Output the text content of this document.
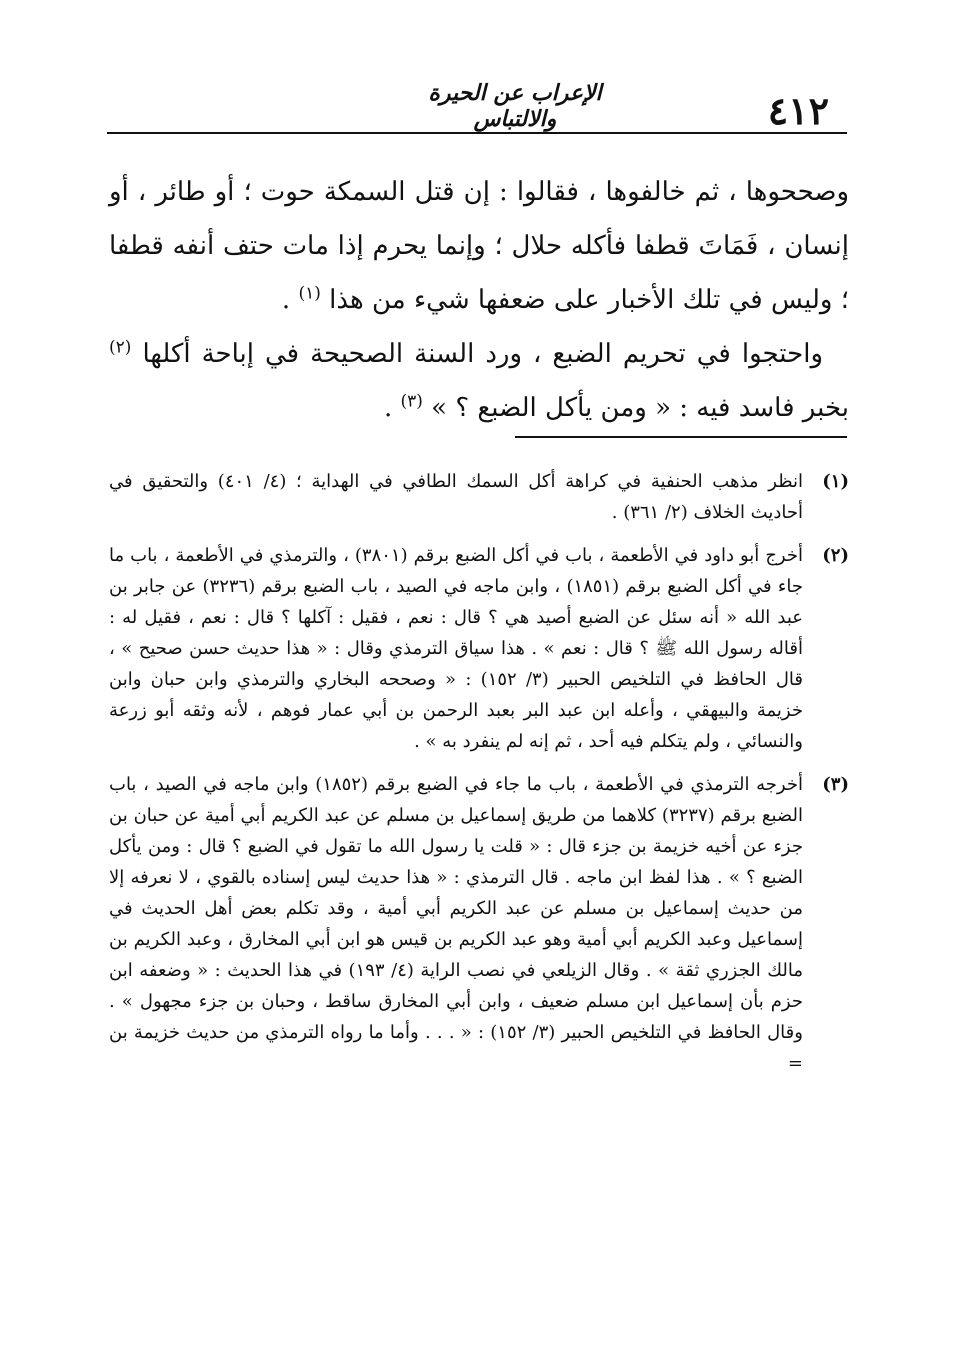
٤١٢
الإعراب عن الحيرة والالتباس

وصححوها ، ثم خالفوها ، فقالوا : إن قتل السمكة حوت ؛ أو طائر ، أو إنسان ، فَمَاتَ قطفا فأكله حلال ؛ وإنما يحرم إذا مات حتف أنفه قطفا ؛ وليس في تلك الأخبار على ضعفها شيء من هذا $^{(١)}$ .

واحتجوا في تحريم الضبع ، ورد السنة الصحيحة في إباحة أكلها $^{(٢)}$ بخبر فاسد فيه : « ومن يأكل الضبع ؟ » $^{(٣)}$ .

(١)
انظر مذهب الحنفية في كراهة أكل السمك الطافي في الهداية ؛ (٤/ ٤٠١) والتحقيق في أحاديث الخلاف (٢/ ٣٦١) .
(٢)
أخرج أبو داود في الأطعمة ، باب في أكل الضبع برقم (٣٨٠١) ، والترمذي في الأطعمة ، باب ما جاء في أكل الضبع برقم (١٨٥١) ، وابن ماجه في الصيد ، باب الضبع برقم (٣٢٣٦) عن جابر بن عبد الله « أنه سئل عن الضبع أصيد هي ؟ قال : نعم ، فقيل : آكلها ؟ قال : نعم ، فقيل له : أقاله رسول الله ﷺ ؟ قال : نعم » . هذا سياق الترمذي وقال : « هذا حديث حسن صحيح » ، قال الحافظ في التلخيص الحبير (٣/ ١٥٢) : « وصححه البخاري والترمذي وابن حبان وابن خزيمة والبيهقي ، وأعله ابن عبد البر بعبد الرحمن بن أبي عمار فوهم ، لأنه وثقه أبو زرعة والنسائي ، ولم يتكلم فيه أحد ، ثم إنه لم ينفرد به » .
(٣)
أخرجه الترمذي في الأطعمة ، باب ما جاء في الضبع برقم (١٨٥٢) وابن ماجه في الصيد ، باب الضبع برقم (٣٢٣٧) كلاهما من طريق إسماعيل بن مسلم عن عبد الكريم أبي أمية عن حبان بن جزء عن أخيه خزيمة بن جزء قال : « قلت يا رسول الله ما تقول في الضبع ؟ قال : ومن يأكل الضبع ؟ » . هذا لفظ ابن ماجه . قال الترمذي : « هذا حديث ليس إسناده بالقوي ، لا نعرفه إلا من حديث إسماعيل بن مسلم عن عبد الكريم أبي أمية ، وقد تكلم بعض أهل الحديث في إسماعيل وعبد الكريم أبي أمية وهو عبد الكريم بن قيس هو ابن أبي المخارق ، وعبد الكريم بن مالك الجزري ثقة » . وقال الزيلعي في نصب الراية (٤/ ١٩٣) في هذا الحديث : « وضعفه ابن حزم بأن إسماعيل ابن مسلم ضعيف ، وابن أبي المخارق ساقط ، وحبان بن جزء مجهول » . وقال الحافظ في التلخيص الحبير (٣/ ١٥٢) : « . . . وأما ما رواه الترمذي من حديث خزيمة بن =
